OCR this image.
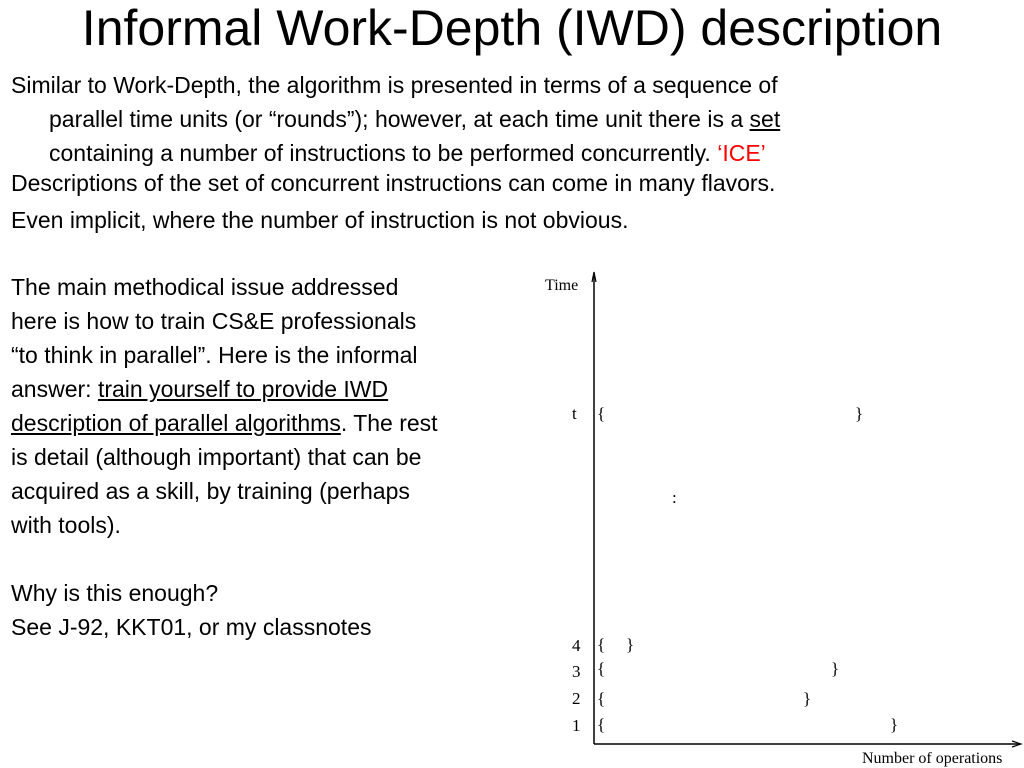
Informal Work-Depth (IWD) description
Similar to Work-Depth, the algorithm is presented in terms of a sequence of
parallel time units (or “rounds”); however, at each time unit there is a set
containing a number of instructions to be performed concurrently. ‘ICE’
Descriptions of the set of concurrent instructions can come in many flavors.
Even implicit, where the number of instruction is not obvious.
The main methodical issue addressed
here is how to train CS&E professionals
“to think in parallel”. Here is the informal
answer: train yourself to provide IWD
description of parallel algorithms. The rest
is detail (although important) that can be
acquired as a skill, by training (perhaps
with tools).
Why is this enough?
See J-92, KKT01, or my classnotes
Time
Number of operations
t {	}
:
4 { }
3 {	}
2 {	}
1 {	}
